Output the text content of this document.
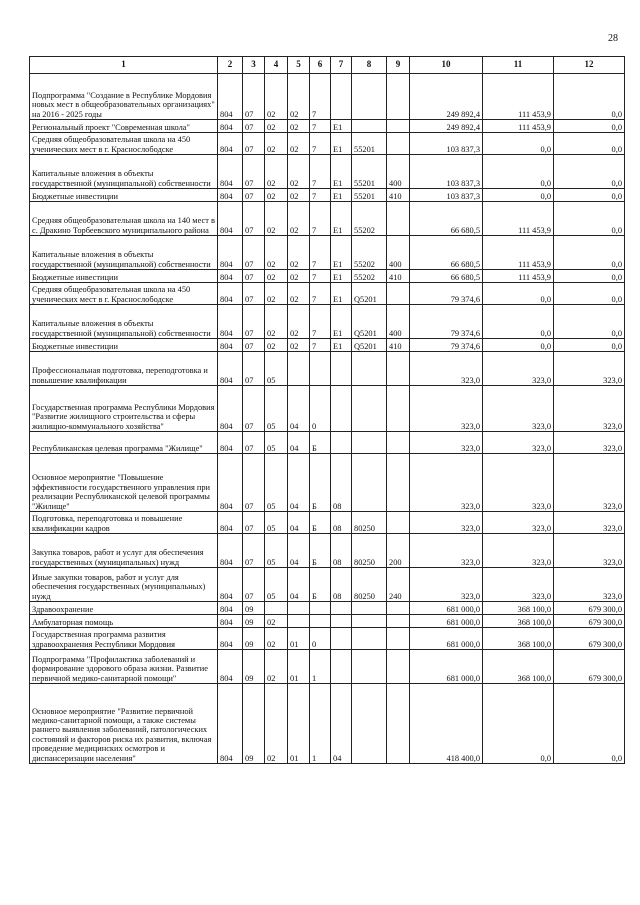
28
1	2	3	4	5	6	7	8	9	10	11	12
Подпрограмма "Создание в Республике Мордовия новых мест в общеобразовательных организациях" на 2016 - 2025 годы	804	07	02	02	7				249 892,4	111 453,9	0,0
Региональный проект "Современная школа"	804	07	02	02	7	E1			249 892,4	111 453,9	0,0
Средняя общеобразовательная школа на 450 ученических мест в г. Краснослободске	804	07	02	02	7	E1	55201		103 837,3	0,0	0,0
Капитальные вложения в объекты государственной (муниципальной) собственности	804	07	02	02	7	E1	55201	400	103 837,3	0,0	0,0
Бюджетные инвестиции	804	07	02	02	7	E1	55201	410	103 837,3	0,0	0,0
Средняя общеобразовательная школа на 140 мест в с. Дракино Торбеевского муниципального района	804	07	02	02	7	E1	55202		66 680,5	111 453,9	0,0
Капитальные вложения в объекты государственной (муниципальной) собственности	804	07	02	02	7	E1	55202	400	66 680,5	111 453,9	0,0
Бюджетные инвестиции	804	07	02	02	7	E1	55202	410	66 680,5	111 453,9	0,0
Средняя общеобразовательная школа на 450 ученических мест в г. Краснослободске	804	07	02	02	7	E1	Q5201		79 374,6	0,0	0,0
Капитальные вложения в объекты государственной (муниципальной) собственности	804	07	02	02	7	E1	Q5201	400	79 374,6	0,0	0,0
Бюджетные инвестиции	804	07	02	02	7	E1	Q5201	410	79 374,6	0,0	0,0
Профессиональная подготовка, переподготовка и повышение квалификации	804	07	05						323,0	323,0	323,0
Государственная программа Республики Мордовия "Развитие жилищного строительства и сферы жилищно-коммунального хозяйства"	804	07	05	04	0				323,0	323,0	323,0
Республиканская целевая программа "Жилище"	804	07	05	04	Б				323,0	323,0	323,0
Основное мероприятие "Повышение эффективности государственного управления при реализации Республиканской целевой программы "Жилище"	804	07	05	04	Б	08			323,0	323,0	323,0
Подготовка, переподготовка и повышение квалификации кадров	804	07	05	04	Б	08	80250		323,0	323,0	323,0
Закупка товаров, работ и услуг для обеспечения государственных (муниципальных) нужд	804	07	05	04	Б	08	80250	200	323,0	323,0	323,0
Иные закупки товаров, работ и услуг для обеспечения государственных (муниципальных) нужд	804	07	05	04	Б	08	80250	240	323,0	323,0	323,0
Здравоохранение	804	09							681 000,0	368 100,0	679 300,0
Амбулаторная помощь	804	09	02						681 000,0	368 100,0	679 300,0
Государственная программа развития здравоохранения Республики Мордовия	804	09	02	01	0				681 000,0	368 100,0	679 300,0
Подпрограмма "Профилактика заболеваний и формирование здорового образа жизни. Развитие первичной медико-санитарной помощи"	804	09	02	01	1				681 000,0	368 100,0	679 300,0
Основное мероприятие "Развитие первичной медико-санитарной помощи, а также системы раннего выявления заболеваний, патологических состояний и факторов риска их развития, включая проведение медицинских осмотров и диспансеризации населения"	804	09	02	01	1	04			418 400,0	0,0	0,0
